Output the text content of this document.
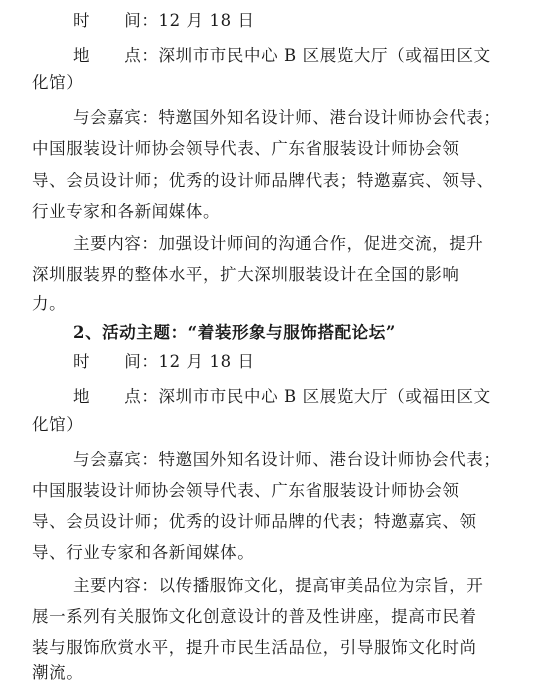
时　　间：12 月 18 日
地　　点：深圳市市民中心 B 区展览大厅（或福田区文
化馆）
与会嘉宾：特邀国外知名设计师、港台设计师协会代表；
中国服装设计师协会领导代表、广东省服装设计师协会领
导、会员设计师；优秀的设计师品牌代表；特邀嘉宾、领导、
行业专家和各新闻媒体。
主要内容：加强设计师间的沟通合作，促进交流，提升
深圳服装界的整体水平，扩大深圳服装设计在全国的影响
力。
2、活动主题：“着装形象与服饰搭配论坛”
时　　间：12 月 18 日
地　　点：深圳市市民中心 B 区展览大厅（或福田区文
化馆）
与会嘉宾：特邀国外知名设计师、港台设计师协会代表；
中国服装设计师协会领导代表、广东省服装设计师协会领
导、会员设计师；优秀的设计师品牌的代表；特邀嘉宾、领
导、行业专家和各新闻媒体。
主要内容：以传播服饰文化，提高审美品位为宗旨，开
展一系列有关服饰文化创意设计的普及性讲座，提高市民着
装与服饰欣赏水平，提升市民生活品位，引导服饰文化时尚
潮流。
